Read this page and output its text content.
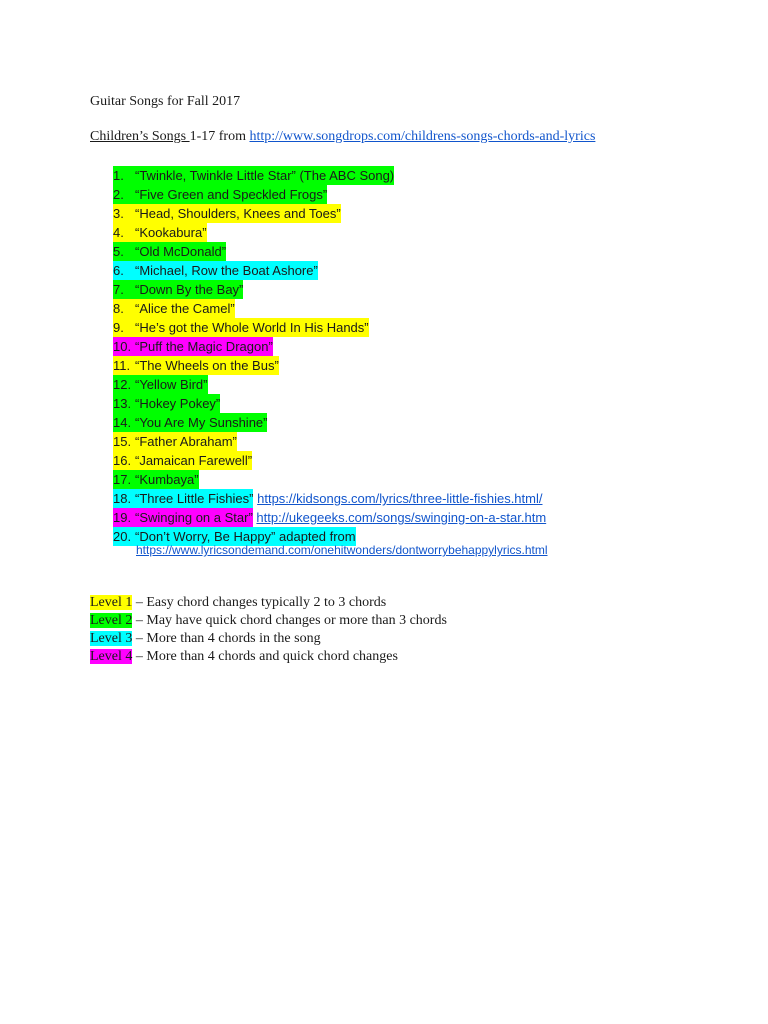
Guitar Songs for Fall 2017
Children’s Songs 1-17 from http://www.songdrops.com/childrens-songs-chords-and-lyrics
1. “Twinkle, Twinkle Little Star” (The ABC Song)
2. “Five Green and Speckled Frogs”
3. “Head, Shoulders, Knees and Toes”
4. “Kookabura”
5. “Old McDonald”
6. “Michael, Row the Boat Ashore”
7. “Down By the Bay”
8. “Alice the Camel”
9. “He’s got the Whole World In His Hands”
10. “Puff the Magic Dragon”
11. “The Wheels on the Bus”
12. “Yellow Bird”
13. “Hokey Pokey”
14. “You Are My Sunshine”
15. “Father Abraham”
16. “Jamaican Farewell”
17. “Kumbaya”
18. “Three Little Fishies” https://kidsongs.com/lyrics/three-little-fishies.html/
19. “Swinging on a Star” http://ukegeeks.com/songs/swinging-on-a-star.htm
20. “Don’t Worry, Be Happy” adapted from
https://www.lyricsondemand.com/onehitwonders/dontworrybehappylyrics.html
Level 1 – Easy chord changes typically 2 to 3 chords
Level 2 – May have quick chord changes or more than 3 chords
Level 3 – More than 4 chords in the song
Level 4 – More than 4 chords and quick chord changes
